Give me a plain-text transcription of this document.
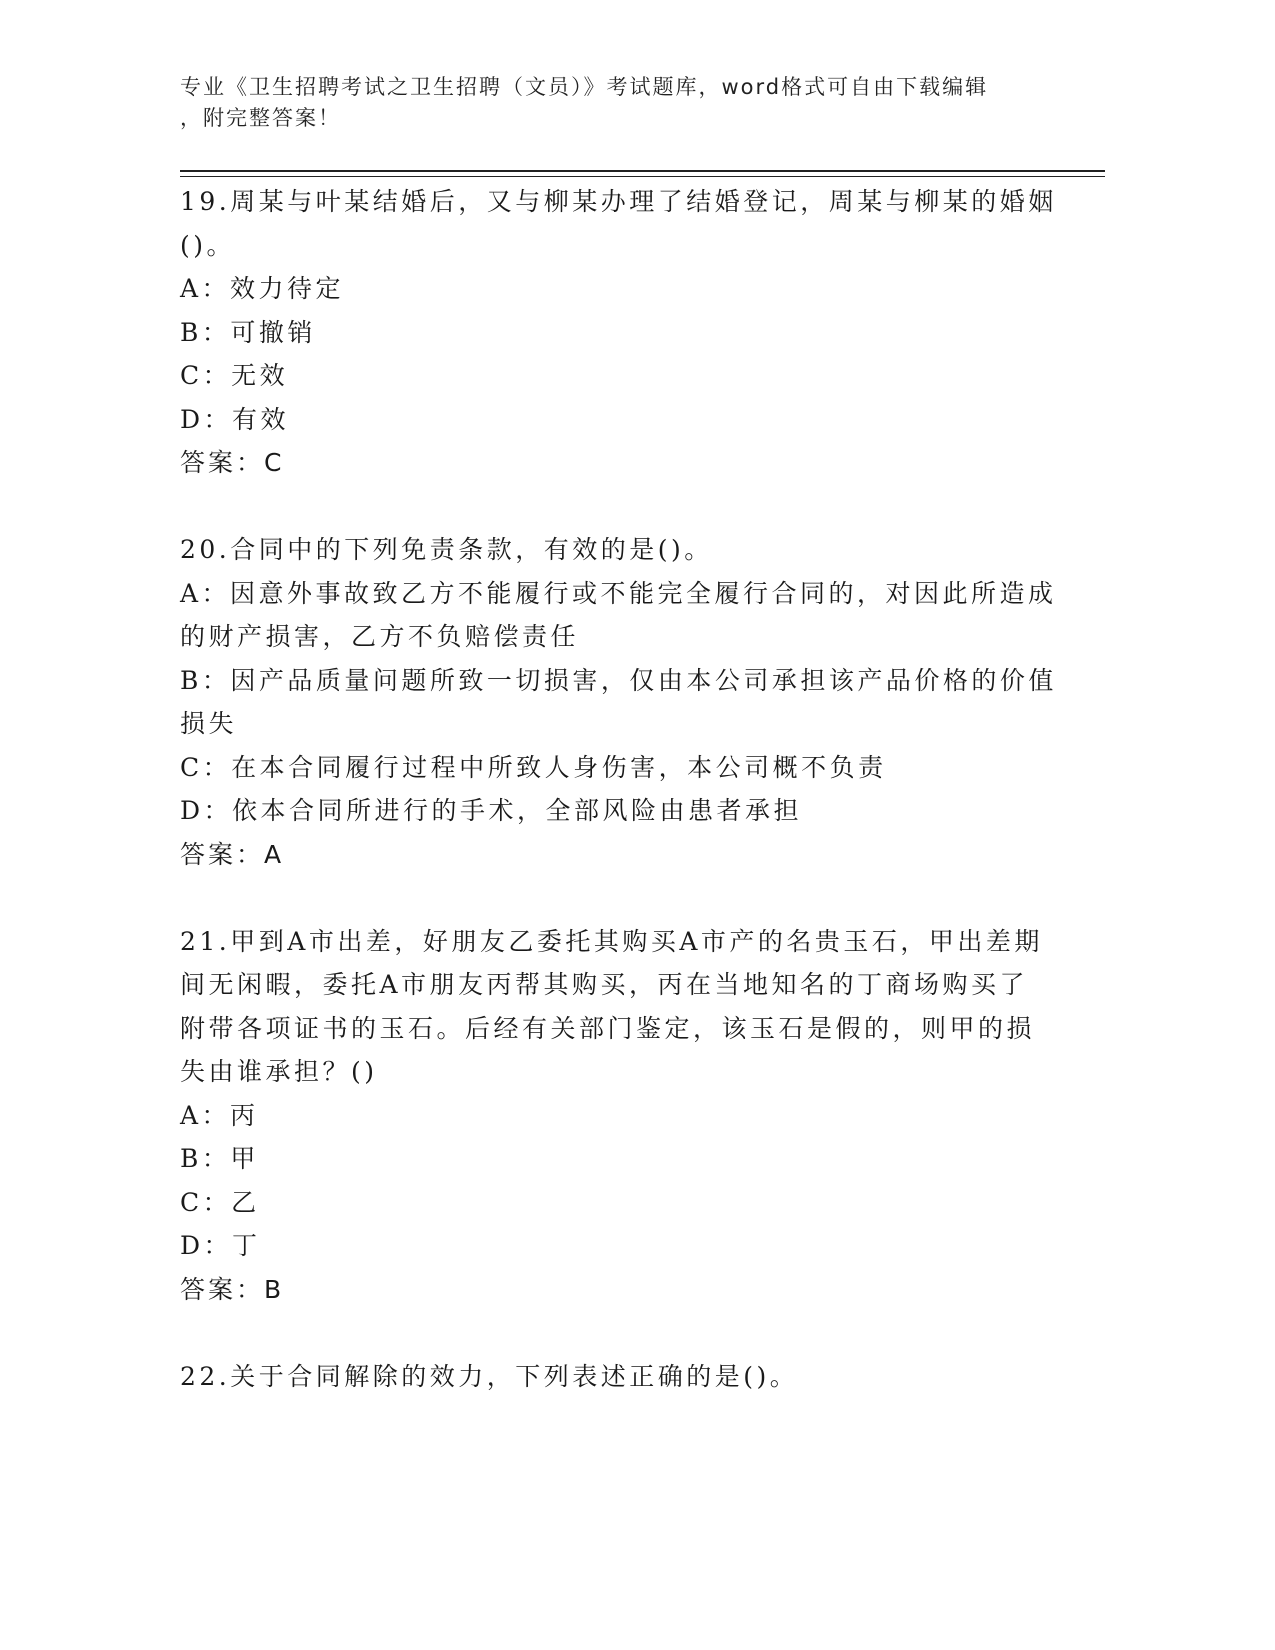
专业《卫生招聘考试之卫生招聘（文员）》考试题库，word格式可自由下载编辑
，附完整答案！
19.周某与叶某结婚后，又与柳某办理了结婚登记，周某与柳某的婚姻
()。
A：效力待定
B：可撤销
C：无效
D：有效
答案：C
20.合同中的下列免责条款，有效的是()。
A：因意外事故致乙方不能履行或不能完全履行合同的，对因此所造成
的财产损害，乙方不负赔偿责任
B：因产品质量问题所致一切损害，仅由本公司承担该产品价格的价值
损失
C：在本合同履行过程中所致人身伤害，本公司概不负责
D：依本合同所进行的手术，全部风险由患者承担
答案：A
21.甲到A市出差，好朋友乙委托其购买A市产的名贵玉石，甲出差期
间无闲暇，委托A市朋友丙帮其购买，丙在当地知名的丁商场购买了
附带各项证书的玉石。后经有关部门鉴定，该玉石是假的，则甲的损
失由谁承担？()
A：丙
B：甲
C：乙
D：丁
答案：B
22.关于合同解除的效力，下列表述正确的是()。
